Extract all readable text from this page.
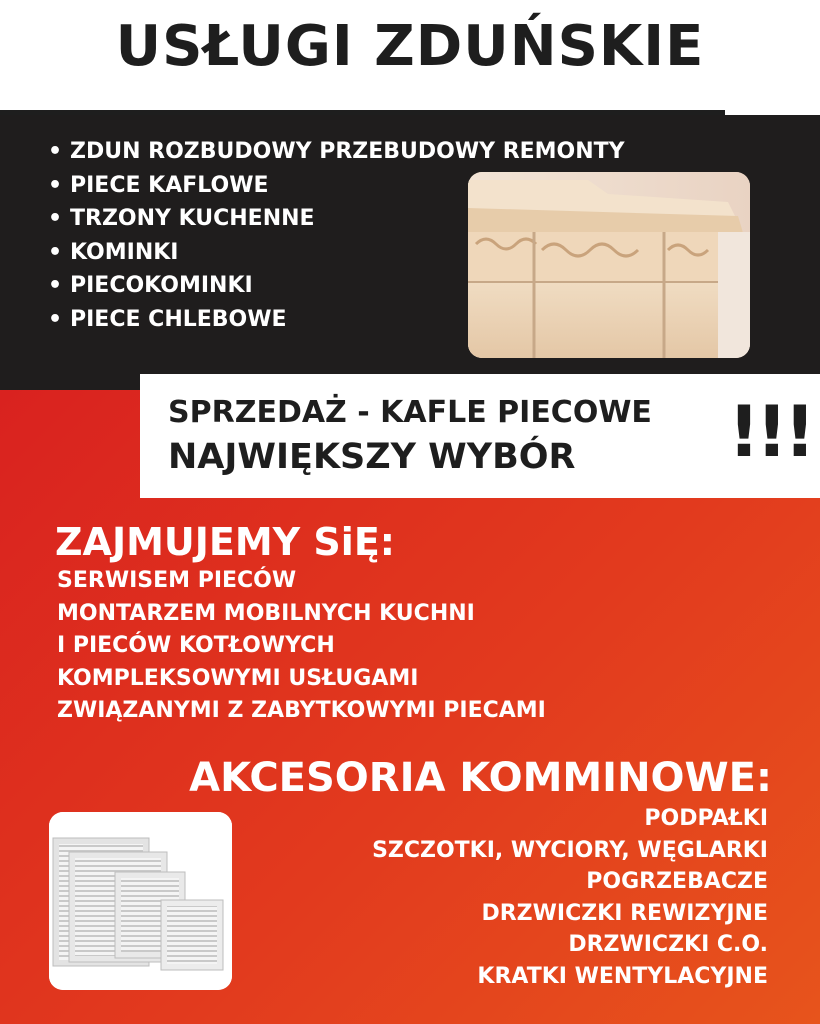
USŁUGI ZDUŃSKIE
• ZDUN ROZBUDOWY PRZEBUDOWY REMONTY
• PIECE KAFLOWE
• TRZONY KUCHENNE
• KOMINKI
• PIECOKOMINKI
• PIECE CHLEBOWE
SPRZEDAŻ - KAFLE PIECOWE
NAJWIĘKSZY WYBÓR !!!
ZAJMUJEMY SiĘ:
SERWISEM PIECÓW
MONTARZEM MOBILNYCH KUCHNI
I PIECÓW KOTŁOWYCH
KOMPLEKSOWYMI USŁUGAMI
ZWIĄZANYMI Z ZABYTKOWYMI PIECAMI
AKCESORIA KOMMINOWE:
PODPAŁKI
SZCZOTKI, WYCIORY, WĘGLARKI
POGRZEBACZE
DRZWICZKI REWIZYJNE
DRZWICZKI C.O.
KRATKI WENTYLACYJNE
